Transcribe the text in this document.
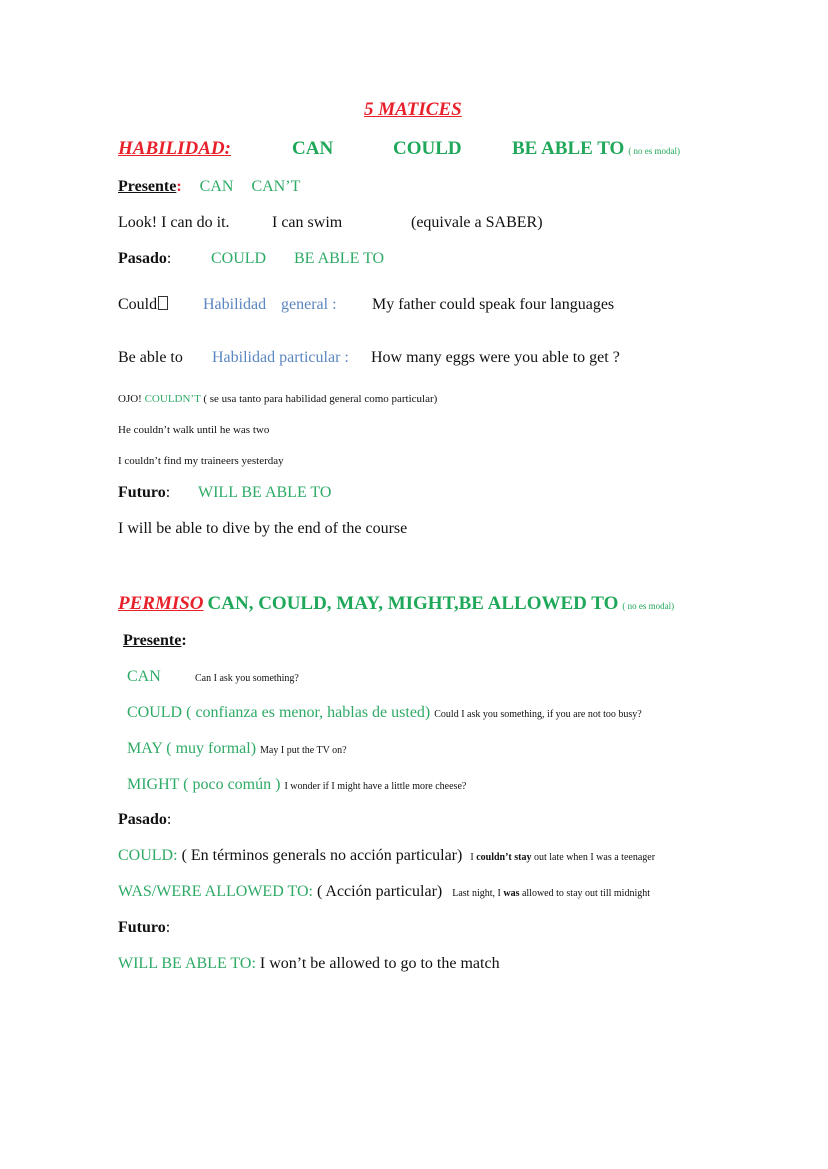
5 MATICES
HABILIDAD:	CAN	COULD	BE ABLE TO ( no es modal)
Presente: CAN CAN’T
Look! I can do it.	I can swim	(equivale a SABER)
Pasado: COULD BE ABLE TO
Could	Habilidad general : My father could speak four languages
Be able to Habilidad particular : How many eggs were you able to get ?
OJO! COULDN’T ( se usa tanto para habilidad general como particular)
He couldn’t walk until he was two
I couldn’t find my traineers yesterday
Futuro: WILL BE ABLE TO
I will be able to dive by the end of the course
PERMISO CAN, COULD, MAY, MIGHT,BE ALLOWED TO ( no es modal)
Presente:
CAN	Can I ask you something?
COULD ( confianza es menor, hablas de usted) Could I ask you something, if you are not too busy?
MAY ( muy formal) May I put the TV on?
MIGHT ( poco común ) I wonder if I might have a little more cheese?
Pasado:
COULD: ( En términos generals no acción particular) I couldn’t stay out late when I was a teenager
WAS/WERE ALLOWED TO: ( Acción particular) Last night, I was allowed to stay out till midnight
Futuro:
WILL BE ABLE TO: I won’t be allowed to go to the match
